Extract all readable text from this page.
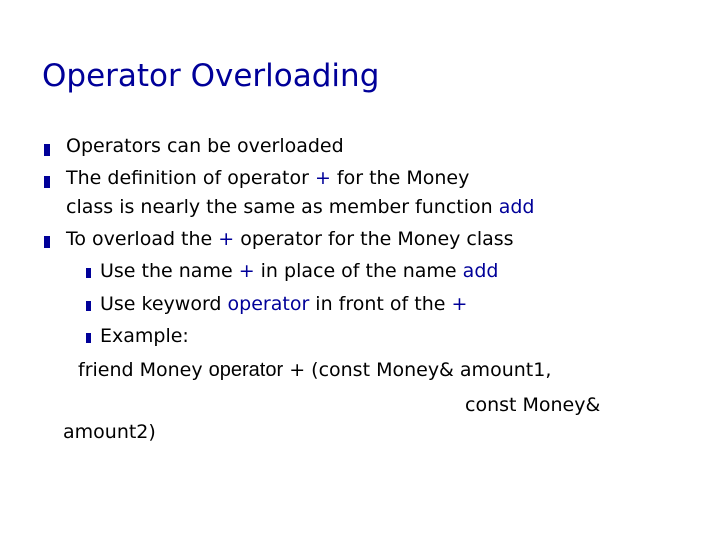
Operator Overloading
Operators can be overloaded
The definition of operator + for the Money
class is nearly the same as member function add
To overload the + operator for the Money class
Use the name + in place of the name add
Use keyword operator in front of the +
Example:
friend Money operator + (const Money& amount1,
const Money&
amount2)
